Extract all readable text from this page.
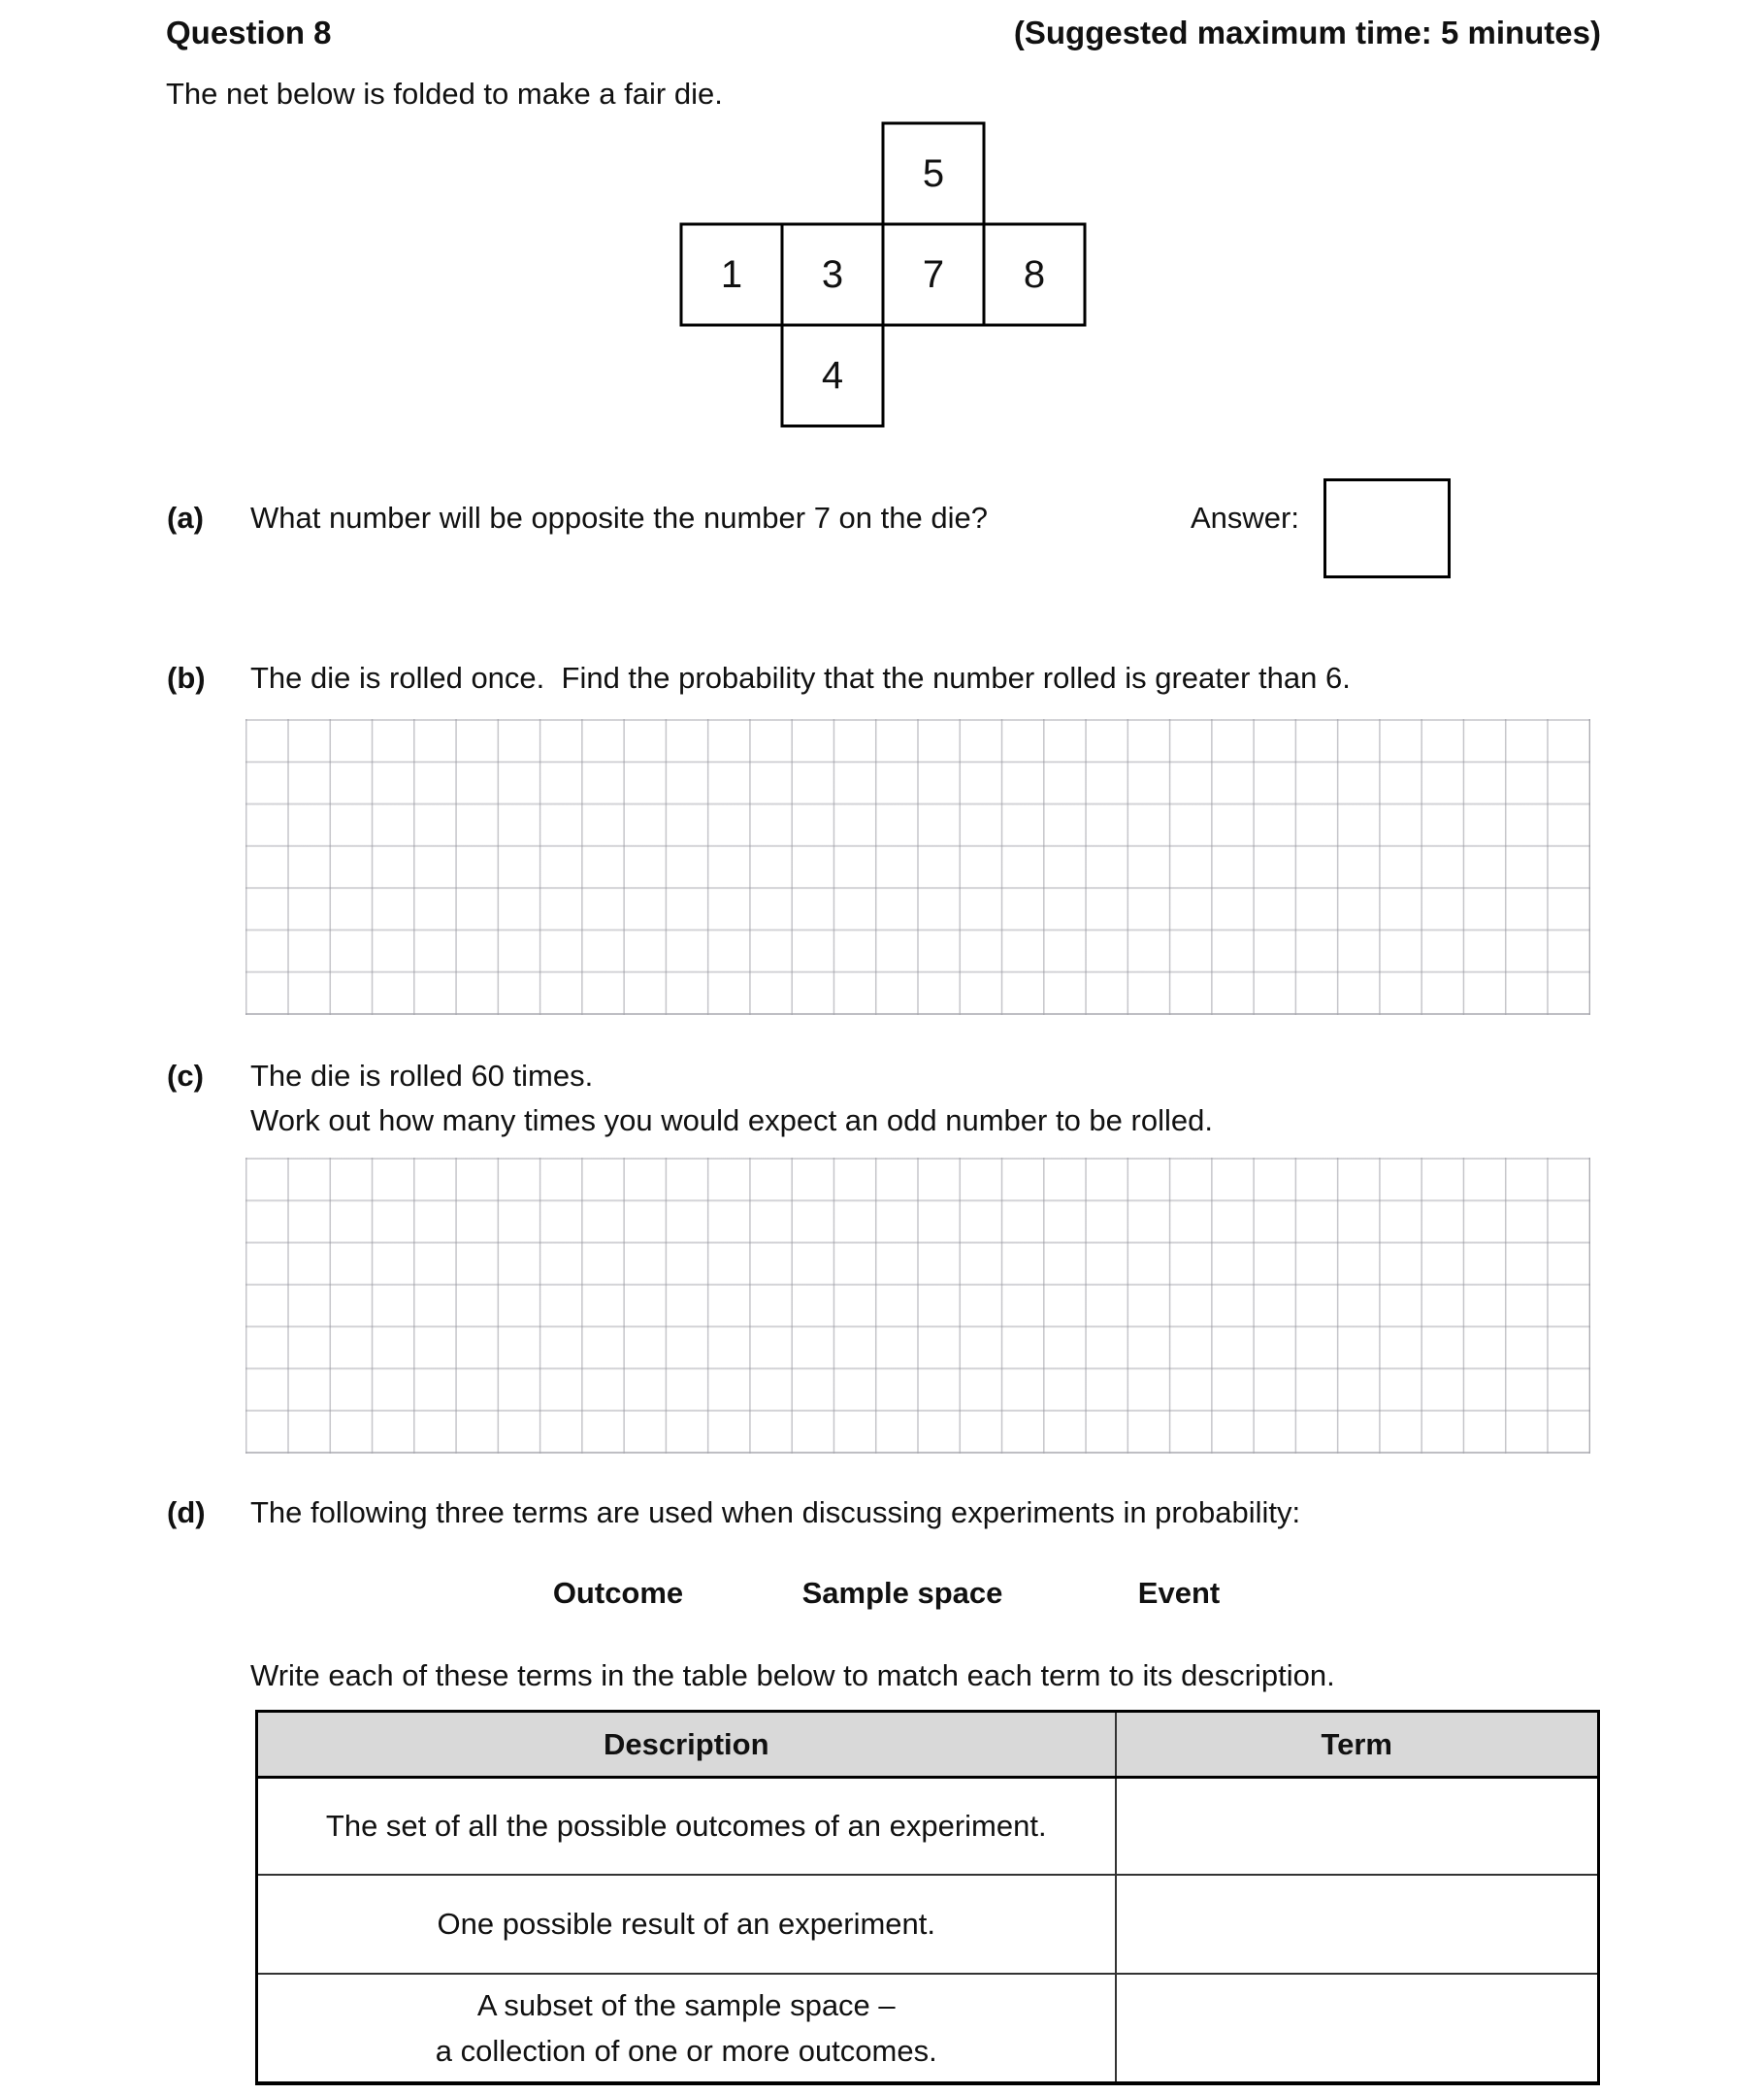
Question 8	(Suggested maximum time: 5 minutes)
The net below is folded to make a fair die.
5
1 3 7 8
4
(a) What number will be opposite the number 7 on the die?	Answer:
(b) The die is rolled once.  Find the probability that the number rolled is greater than 6.
(c) The die is rolled 60 times.
Work out how many times you would expect an odd number to be rolled.
(d) The following three terms are used when discussing experiments in probability:
Outcome	Sample space	Event
Write each of these terms in the table below to match each term to its description.
Description	Term
The set of all the possible outcomes of an experiment.	
One possible result of an experiment.	

A subset of the sample space –
a collection of one or more outcomes.	
